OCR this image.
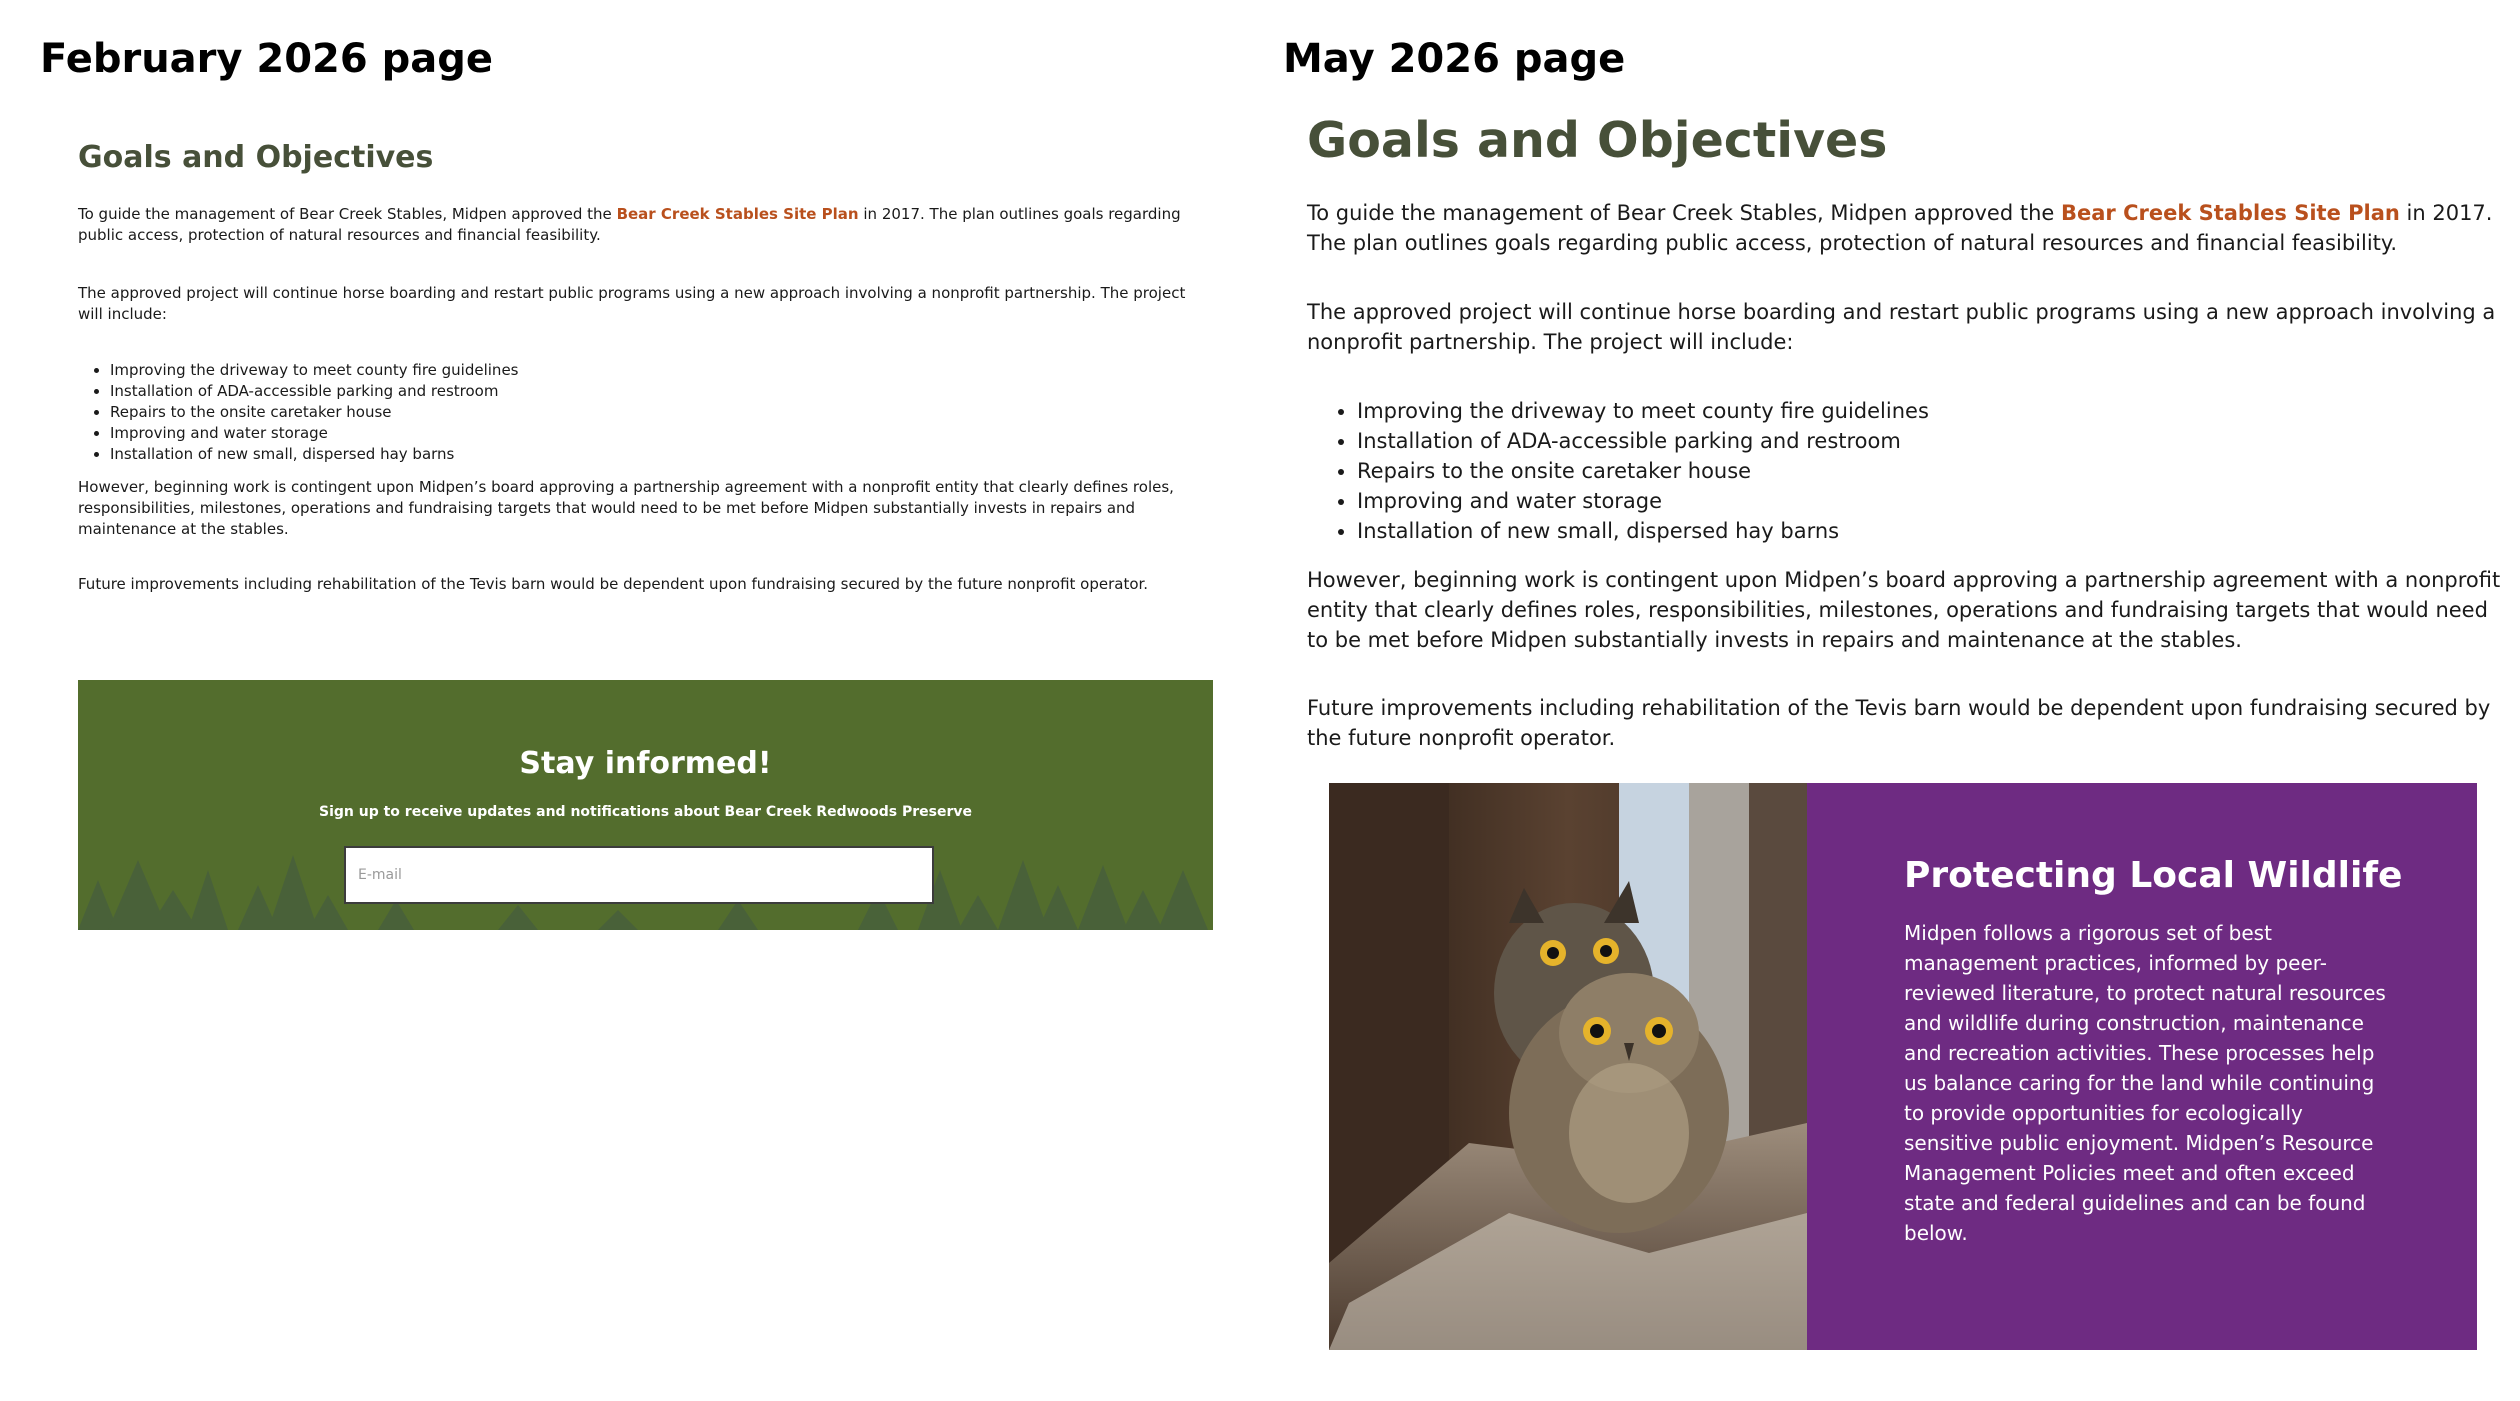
February 2026 page	May 2026 page
Goals and Objectives

To guide the management of Bear Creek Stables, Midpen approved the Bear Creek Stables Site Plan in 2017. The plan outlines goals regarding public access, protection of natural resources and financial feasibility.

The approved project will continue horse boarding and restart public programs using a new approach involving a nonprofit partnership. The project will include:

• Improving the driveway to meet county fire guidelines
• Installation of ADA-accessible parking and restroom
• Repairs to the onsite caretaker house
• Improving and water storage
• Installation of new small, dispersed hay barns

However, beginning work is contingent upon Midpen’s board approving a partnership agreement with a nonprofit entity that clearly defines roles, responsibilities, milestones, operations and fundraising targets that would need to be met before Midpen substantially invests in repairs and maintenance at the stables.

Future improvements including rehabilitation of the Tevis barn would be dependent upon fundraising secured by the future nonprofit operator.

Stay informed!

Sign up to receive updates and notifications about Bear Creek Redwoods Preserve

E-mail
Goals and Objectives

To guide the management of Bear Creek Stables, Midpen approved the Bear Creek Stables Site Plan in 2017. The plan outlines goals regarding public access, protection of natural resources and financial feasibility.

The approved project will continue horse boarding and restart public programs using a new approach involving a nonprofit partnership. The project will include:

• Improving the driveway to meet county fire guidelines
• Installation of ADA-accessible parking and restroom
• Repairs to the onsite caretaker house
• Improving and water storage
• Installation of new small, dispersed hay barns

However, beginning work is contingent upon Midpen’s board approving a partnership agreement with a nonprofit entity that clearly defines roles, responsibilities, milestones, operations and fundraising targets that would need to be met before Midpen substantially invests in repairs and maintenance at the stables.

Future improvements including rehabilitation of the Tevis barn would be dependent upon fundraising secured by the future nonprofit operator.

Protecting Local Wildlife

Midpen follows a rigorous set of best management practices, informed by peer-reviewed literature, to protect natural resources and wildlife during construction, maintenance and recreation activities. These processes help us balance caring for the land while continuing to provide opportunities for ecologically sensitive public enjoyment. Midpen’s Resource Management Policies meet and often exceed state and federal guidelines and can be found below.
